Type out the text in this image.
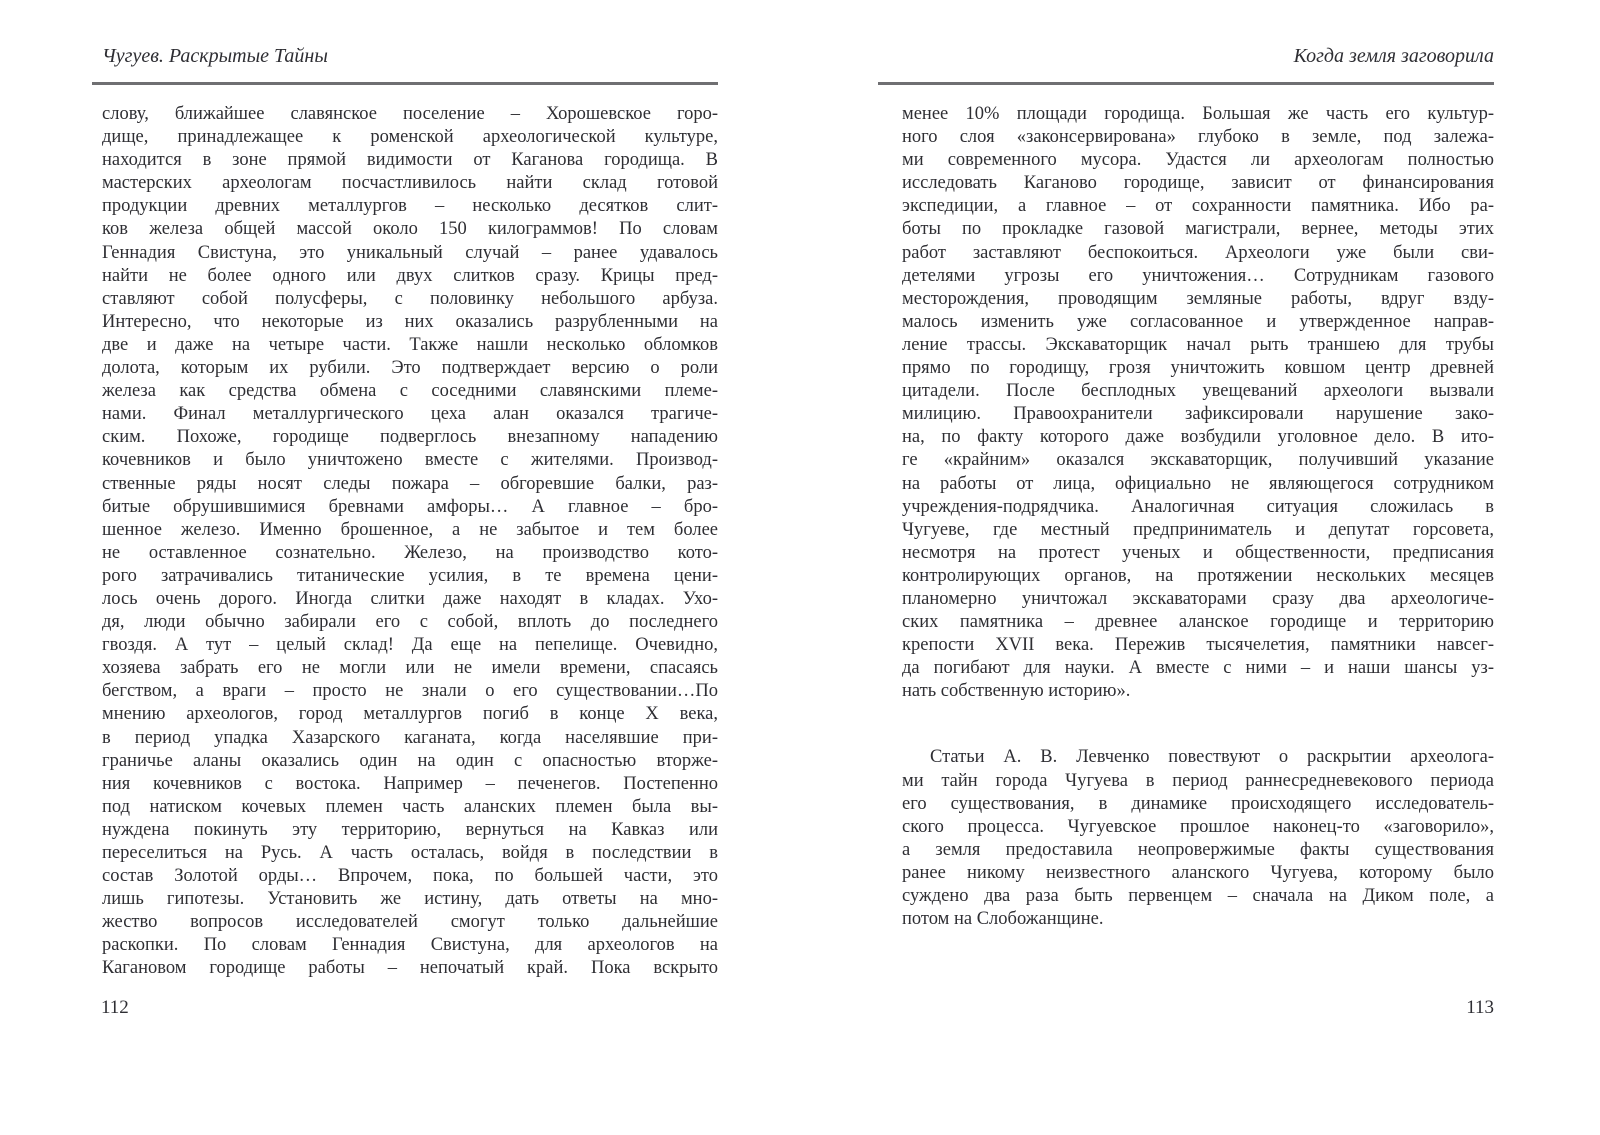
Чугуев. Раскрытые Тайны
слову, ближайшее славянское поселение – Хорошевское горо-
дище, принадлежащее к роменской археологической культуре,
находится в зоне прямой видимости от Каганова городища. В
мастерских археологам посчастливилось найти склад готовой
продукции древних металлургов – несколько десятков слит-
ков железа общей массой около 150 килограммов! По словам
Геннадия Свистуна, это уникальный случай – ранее удавалось
найти не более одного или двух слитков сразу. Крицы пред-
ставляют собой полусферы, с половинку небольшого арбуза.
Интересно, что некоторые из них оказались разрубленными на
две и даже на четыре части. Также нашли несколько обломков
долота, которым их рубили. Это подтверждает версию о роли
железа как средства обмена с соседними славянскими племе-
нами. Финал металлургического цеха алан оказался трагиче-
ским. Похоже, городище подверглось внезапному нападению
кочевников и было уничтожено вместе с жителями. Производ-
ственные ряды носят следы пожара – обгоревшие балки, раз-
битые обрушившимися бревнами амфоры… А главное – бро-
шенное железо. Именно брошенное, а не забытое и тем более
не оставленное сознательно. Железо, на производство кото-
рого затрачивались титанические усилия, в те времена цени-
лось очень дорого. Иногда слитки даже находят в кладах. Ухо-
дя, люди обычно забирали его с собой, вплоть до последнего
гвоздя. А тут – целый склад! Да еще на пепелище. Очевидно,
хозяева забрать его не могли или не имели времени, спасаясь
бегством, а враги – просто не знали о его существовании…По
мнению археологов, город металлургов погиб в конце X века,
в период упадка Хазарского каганата, когда населявшие при-
граничье аланы оказались один на один с опасностью вторже-
ния кочевников с востока. Например – печенегов. Постепенно
под натиском кочевых племен часть аланских племен была вы-
нуждена покинуть эту территорию, вернуться на Кавказ или
переселиться на Русь. А часть осталась, войдя в последствии в
состав Золотой орды… Впрочем, пока, по большей части, это
лишь гипотезы. Установить же истину, дать ответы на мно-
жество вопросов исследователей смогут только дальнейшие
раскопки. По словам Геннадия Свистуна, для археологов на
Кагановом городище работы – непочатый край. Пока вскрыто
112
Когда земля заговорила
менее 10% площади городища. Большая же часть его культур-
ного слоя «законсервирована» глубоко в земле, под залежа-
ми современного мусора. Удастся ли археологам полностью
исследовать Каганово городище, зависит от финансирования
экспедиции, а главное – от сохранности памятника. Ибо ра-
боты по прокладке газовой магистрали, вернее, методы этих
работ заставляют беспокоиться. Археологи уже были сви-
детелями угрозы его уничтожения… Сотрудникам газового
месторождения, проводящим земляные работы, вдруг взду-
малось изменить уже согласованное и утвержденное направ-
ление трассы. Экскаваторщик начал рыть траншею для трубы
прямо по городищу, грозя уничтожить ковшом центр древней
цитадели. После бесплодных увещеваний археологи вызвали
милицию. Правоохранители зафиксировали нарушение зако-
на, по факту которого даже возбудили уголовное дело. В ито-
ге «крайним» оказался экскаваторщик, получивший указание
на работы от лица, официально не являющегося сотрудником
учреждения-подрядчика. Аналогичная ситуация сложилась в
Чугуеве, где местный предприниматель и депутат горсовета,
несмотря на протест ученых и общественности, предписания
контролирующих органов, на протяжении нескольких месяцев
планомерно уничтожал экскаваторами сразу два археологиче-
ских памятника – древнее аланское городище и территорию
крепости XVII века. Пережив тысячелетия, памятники навсег-
да погибают для науки. А вместе с ними – и наши шансы уз-
нать собственную историю».
Статьи А. В. Левченко повествуют о раскрытии археолога-
ми тайн города Чугуева в период раннесредневекового периода
его существования, в динамике происходящего исследователь-
ского процесса. Чугуевское прошлое наконец-то «заговорило»,
а земля предоставила неопровержимые факты существования
ранее никому неизвестного аланского Чугуева, которому было
суждено два раза быть первенцем – сначала на Диком поле, а
потом на Слобожанщине.
113
